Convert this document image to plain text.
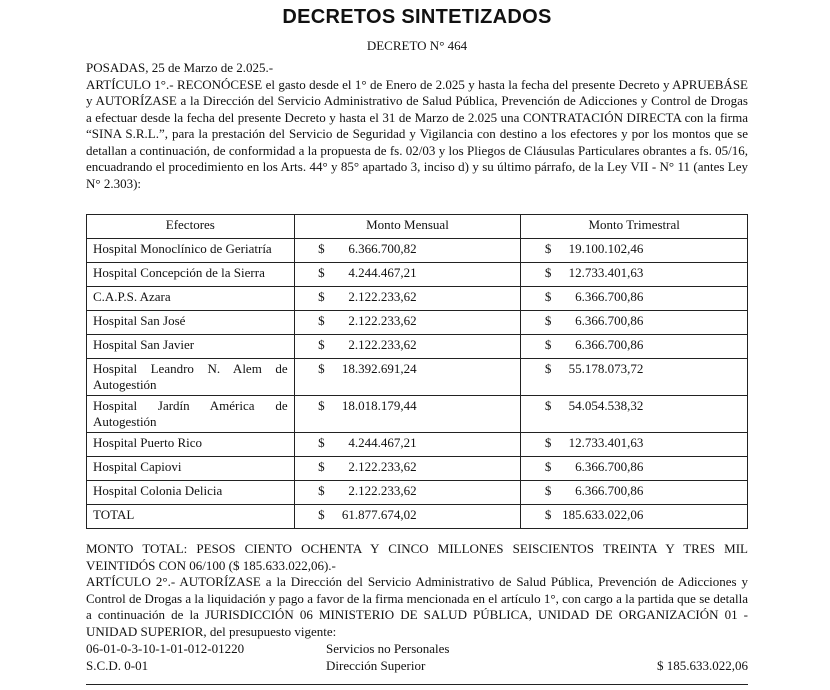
DECRETOS SINTETIZADOS
DECRETO N° 464

POSADAS, 25 de Marzo de 2.025.-

ARTÍCULO 1°.- RECONÓCESE el gasto desde el 1° de Enero de 2.025 y hasta la fecha del presente Decreto y APRUEBÁSE y AUTORÍZASE a la Dirección del Servicio Administrativo de Salud Pública, Prevención de Adicciones y Control de Drogas a efectuar desde la fecha del presente Decreto y hasta el 31 de Marzo de 2.025 una CONTRATACIÓN DIRECTA con la firma “SINA S.R.L.”, para la prestación del Servicio de Seguridad y Vigilancia con destino a los efectores y por los montos que se detallan a continuación, de conformidad a la propuesta de fs. 02/03 y los Pliegos de Cláusulas Particulares obrantes a fs. 05/16, encuadrando el procedimiento en los Arts. 44° y 85° apartado 3, inciso d) y su último párrafo, de la Ley VII - N° 11 (antes Ley N° 2.303):

Efectores	Monto Mensual	Monto Trimestral
Hospital Monoclínico de Geriatría	$ 6.366.700,82	$ 19.100.102,46

Hospital Concepción de la Sierra	$ 4.244.467,21	$ 12.733.401,63

C.A.P.S. Azara	$ 2.122.233,62	$ 6.366.700,86

Hospital San José	$ 2.122.233,62	$ 6.366.700,86

Hospital San Javier	$ 2.122.233,62	$ 6.366.700,86

Hospital Leandro N. Alem de Autogestión	$ 18.392.691,24	$ 55.178.073,72

Hospital Jardín América de Autogestión	$ 18.018.179,44	$ 54.054.538,32

Hospital Puerto Rico	$ 4.244.467,21	$ 12.733.401,63

Hospital Capiovi	$ 2.122.233,62	$ 6.366.700,86

Hospital Colonia Delicia	$ 2.122.233,62	$ 6.366.700,86

TOTAL	$ 61.877.674,02	$ 185.633.022,06

MONTO TOTAL: PESOS CIENTO OCHENTA Y CINCO MILLONES SEISCIENTOS TREINTA Y TRES MIL VEINTIDÓS CON 06/100 ($ 185.633.022,06).-

ARTÍCULO 2°.- AUTORÍZASE a la Dirección del Servicio Administrativo de Salud Pública, Prevención de Adicciones y Control de Drogas a la liquidación y pago a favor de la firma mencionada en el artículo 1°, con cargo a la partida que se detalla a continuación de la JURISDICCIÓN 06 MINISTERIO DE SALUD PÚBLICA, UNIDAD DE ORGANIZACIÓN 01 - UNIDAD SUPERIOR, del presupuesto vigente:

06-01-0-3-10-1-01-012-01220	Servicios no Personales
S.C.D. 0-01	Dirección Superior	$ 185.633.022,06
